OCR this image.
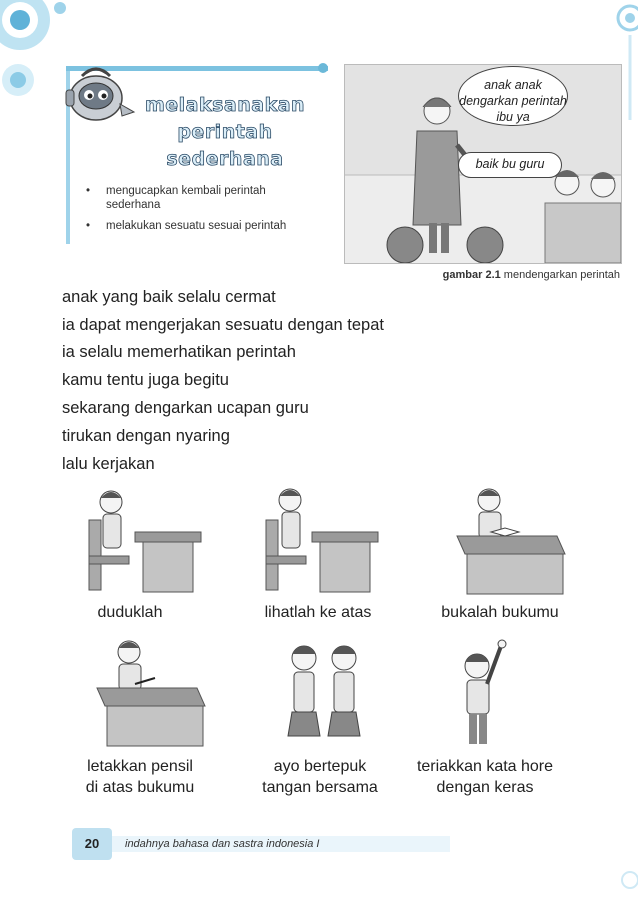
melaksanakan
perintah
sederhana
• mengucapkan kembali perintah sederhana
• melakukan sesuatu sesuai perintah
anak anak
dengarkan perintah
ibu ya
baik bu guru
gambar 2.1 mendengarkan perintah
anak yang baik selalu cermat
ia dapat mengerjakan sesuatu dengan tepat
ia selalu memerhatikan perintah
kamu tentu juga begitu
sekarang dengarkan ucapan guru
tirukan dengan nyaring
lalu kerjakan
duduklah	lihatlah ke atas	bukalah bukumu
letakkan pensil
di atas bukumu
ayo bertepuk
tangan bersama
teriakkan kata hore
dengan keras
20	indahnya bahasa dan sastra indonesia I
